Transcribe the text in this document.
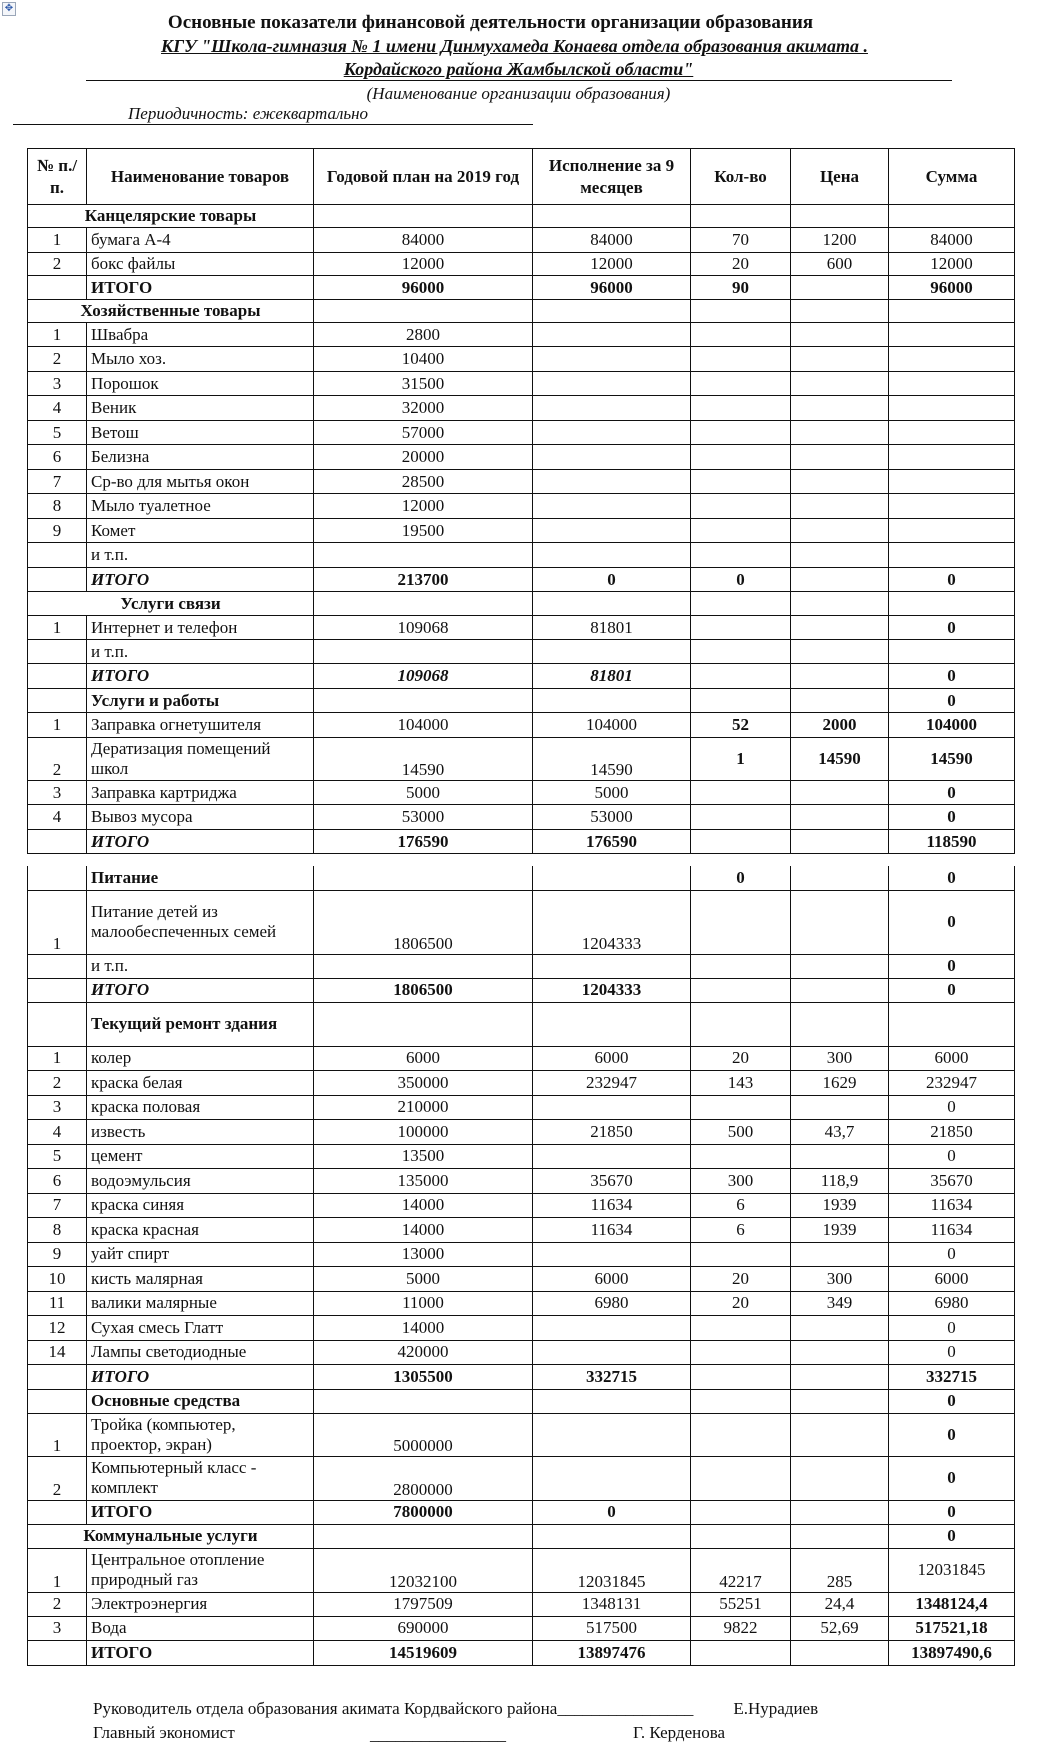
✥
Основные показатели финансовой деятельности организации образования
КГУ "Школа-гимназия № 1 имени Динмухамеда Конаева отдела образования акимата .
Кордайского района Жамбылской области"
(Наименование организации образования)
Периодичность: ежеквартально
№ п./п.	Наименование товаров	Годовой план на 2019 год	Исполнение за 9 месяцев	Кол-во	Цена	Сумма
Канцелярские товары						
1	бумага А-4	84000	84000	70	1200	84000
2	бокс файлы	12000	12000	20	600	12000
	ИТОГО	96000	96000	90		96000
Хозяйственные товары						
1	Швабра	2800				
2	Мыло хоз.	10400				
3	Порошок	31500				
4	Веник	32000				
5	Ветош	57000				
6	Белизна	20000				
7	Ср-во для мытья окон	28500				
8	Мыло туалетное	12000				
9	Комет	19500				
	и т.п.					
	ИТОГО	213700	0	0		0
Услуги связи						
1	Интернет и телефон	109068	81801			0
	и т.п.					
	ИТОГО	109068	81801			0
	Услуги и работы					0
1	Заправка огнетушителя	104000	104000	52	2000	104000
2	Дератизация помещений школ	14590	14590	1	14590	14590
3	Заправка картриджа	5000	5000			0
4	Вывоз мусора	53000	53000			0
	ИТОГО	176590	176590			118590
	Питание			0		0
1	Питание детей из малообеспеченных семей	1806500	1204333			0
	и т.п.					0
	ИТОГО	1806500	1204333			0
	Текущий ремонт здания					
1	колер	6000	6000	20	300	6000
2	краска белая	350000	232947	143	1629	232947
3	краска половая	210000				0
4	известь	100000	21850	500	43,7	21850
5	цемент	13500				0
6	водоэмульсия	135000	35670	300	118,9	35670
7	краска синяя	14000	11634	6	1939	11634
8	краска красная	14000	11634	6	1939	11634
9	уайт спирт	13000				0
10	кисть малярная	5000	6000	20	300	6000
11	валики малярные	11000	6980	20	349	6980
12	Сухая смесь Глатт	14000				0
14	Лампы светодиодные	420000				0
	ИТОГО	1305500	332715			332715
	Основные средства					0
1	Тройка (компьютер, проектор, экран)	5000000				0
2	Компьютерный класс - комплект	2800000				0
	ИТОГО	7800000	0			0
Коммунальные услуги						0
1	Центральное отопление природный газ	12032100	12031845	42217	285	12031845
2	Электроэнергия	1797509	1348131	55251	24,4	1348124,4
3	Вода	690000	517500	9822	52,69	517521,18
	ИТОГО	14519609	13897476			13897490,6
Руководитель отдела образования акимата Кордвайского района________________ Е.Нурадиев
Главный экономист	________________	Г. Керденова
